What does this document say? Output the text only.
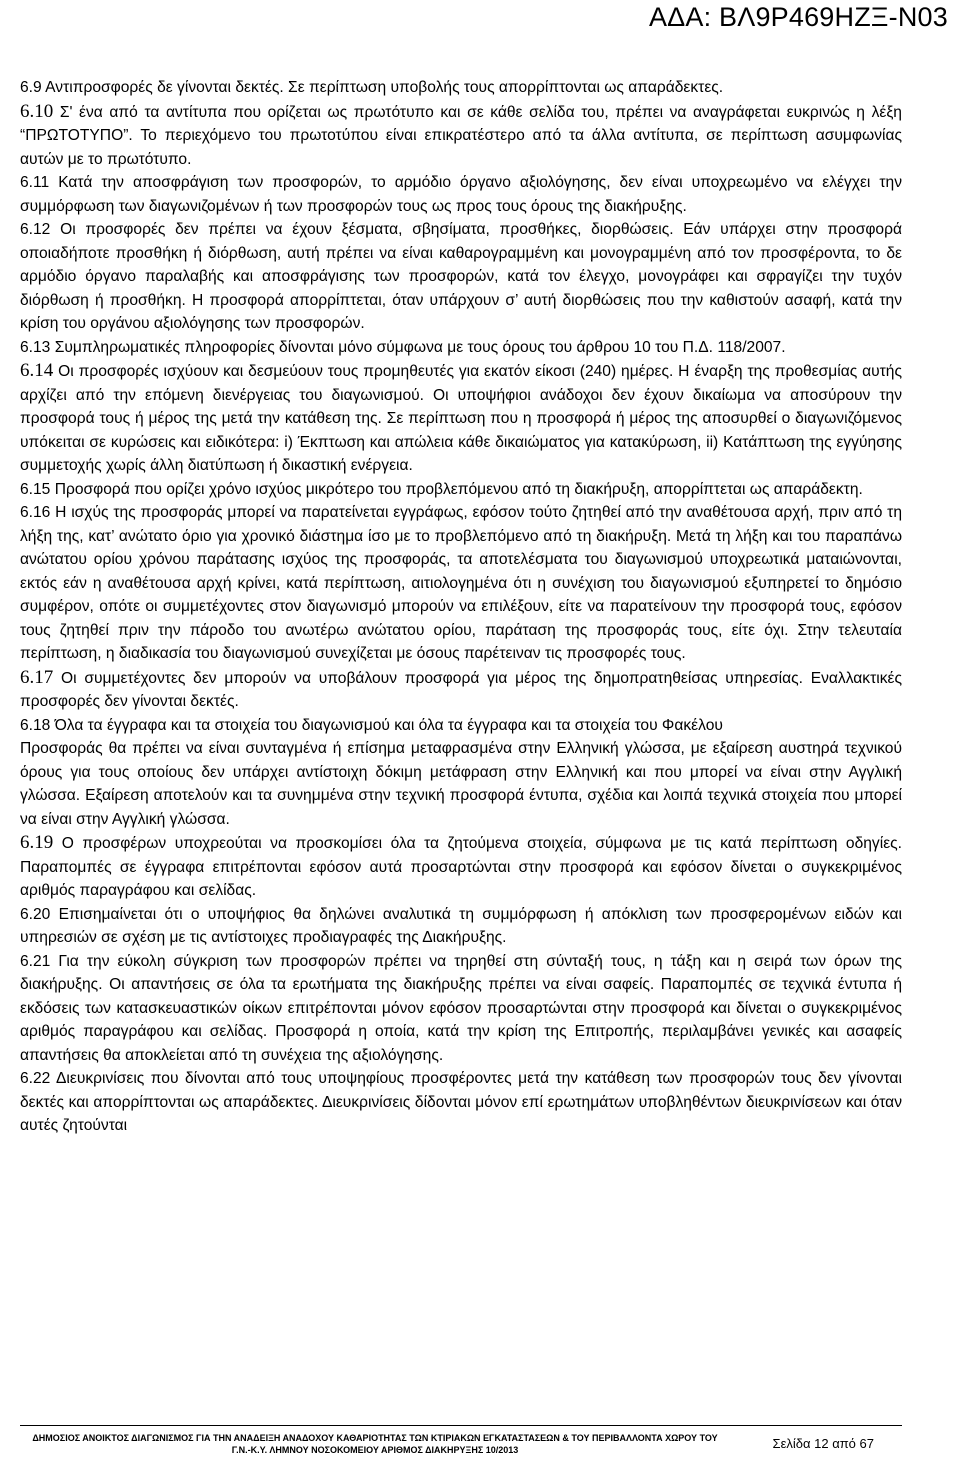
ΑΔΑ: ΒΛ9Ρ469ΗΖΞ-Ν03

6.9 Αντιπροσφορές δε γίνονται δεκτές. Σε περίπτωση υποβολής τους απορρίπτονται ως απαράδεκτες.

6.10 Σ' ένα από τα αντίτυπα που ορίζεται ως πρωτότυπο και σε κάθε σελίδα του, πρέπει να αναγράφεται ευκρινώς η λέξη “ΠΡΩΤΟΤΥΠΟ”. Το περιεχόμενο του πρωτοτύπου είναι επικρατέστερο από τα άλλα αντίτυπα, σε περίπτωση ασυμφωνίας αυτών με το πρωτότυπο.

6.11 Κατά την αποσφράγιση των προσφορών, το αρμόδιο όργανο αξιολόγησης, δεν είναι υποχρεωμένο να ελέγχει την συμμόρφωση των διαγωνιζομένων ή των προσφορών τους ως προς τους όρους της διακήρυξης.

6.12 Οι προσφορές δεν πρέπει να έχουν ξέσματα, σβησίματα, προσθήκες, διορθώσεις. Εάν υπάρχει στην προσφορά οποιαδήποτε προσθήκη ή διόρθωση, αυτή πρέπει να είναι καθαρογραμμένη και μονογραμμένη από τον προσφέροντα, το δε αρμόδιο όργανο παραλαβής και αποσφράγισης των προσφορών, κατά τον έλεγχο, μονογράφει και σφραγίζει την τυχόν διόρθωση ή προσθήκη. Η προσφορά απορρίπτεται, όταν υπάρχουν σ’ αυτή διορθώσεις που την καθιστούν ασαφή, κατά την κρίση του οργάνου αξιολόγησης των προσφορών.

6.13 Συμπληρωματικές πληροφορίες δίνονται μόνο σύμφωνα με τους όρους του άρθρου 10 του Π.Δ. 118/2007.

6.14 Οι προσφορές ισχύουν και δεσμεύουν τους προμηθευτές για εκατόν είκοσι (240) ημέρες. Η έναρξη της προθεσμίας αυτής αρχίζει από την επόμενη διενέργειας του διαγωνισμού. Οι υποψήφιοι ανάδοχοι δεν έχουν δικαίωμα να αποσύρουν την προσφορά τους ή μέρος της μετά την κατάθεση της. Σε περίπτωση που η προσφορά ή μέρος της αποσυρθεί ο διαγωνιζόμενος υπόκειται σε κυρώσεις και ειδικότερα: i) Έκπτωση και απώλεια κάθε δικαιώματος για κατακύρωση, ii) Κατάπτωση της εγγύησης συμμετοχής χωρίς άλλη διατύπωση ή δικαστική ενέργεια.

6.15 Προσφορά που ορίζει χρόνο ισχύος μικρότερο του προβλεπόμενου από τη διακήρυξη, απορρίπτεται ως απαράδεκτη.

6.16 Η ισχύς της προσφοράς μπορεί να παρατείνεται εγγράφως, εφόσον τούτο ζητηθεί από την αναθέτουσα αρχή, πριν από τη λήξη της, κατ’ ανώτατο όριο για χρονικό διάστημα ίσο με το προβλεπόμενο από τη διακήρυξη. Μετά τη λήξη και του παραπάνω ανώτατου ορίου χρόνου παράτασης ισχύος της προσφοράς, τα αποτελέσματα του διαγωνισμού υποχρεωτικά ματαιώνονται, εκτός εάν η αναθέτουσα αρχή κρίνει, κατά περίπτωση, αιτιολογημένα ότι η συνέχιση του διαγωνισμού εξυπηρετεί το δημόσιο συμφέρον, οπότε οι συμμετέχοντες στον διαγωνισμό μπορούν να επιλέξουν, είτε να παρατείνουν την προσφορά τους, εφόσον τους ζητηθεί πριν την πάροδο του ανωτέρω ανώτατου ορίου, παράταση της προσφοράς τους, είτε όχι. Στην τελευταία περίπτωση, η διαδικασία του διαγωνισμού συνεχίζεται με όσους παρέτειναν τις προσφορές τους.

6.17 Οι συμμετέχοντες δεν μπορούν να υποβάλουν προσφορά για μέρος της δημοπρατηθείσας υπηρεσίας. Εναλλακτικές προσφορές δεν γίνονται δεκτές.

6.18 Όλα τα έγγραφα και τα στοιχεία του διαγωνισμού και όλα τα έγγραφα και τα στοιχεία του Φακέλου

Προσφοράς θα πρέπει να είναι συνταγμένα ή επίσημα μεταφρασμένα στην Ελληνική γλώσσα, με εξαίρεση αυστηρά τεχνικού όρους για τους οποίους δεν υπάρχει αντίστοιχη δόκιμη μετάφραση στην Ελληνική και που μπορεί να είναι στην Αγγλική γλώσσα. Εξαίρεση αποτελούν και τα συνημμένα στην τεχνική προσφορά έντυπα, σχέδια και λοιπά τεχνικά στοιχεία που μπορεί να είναι στην Αγγλική γλώσσα.

6.19 Ο προσφέρων υποχρεούται να προσκομίσει όλα τα ζητούμενα στοιχεία, σύμφωνα με τις κατά περίπτωση οδηγίες. Παραπομπές σε έγγραφα επιτρέπονται εφόσον αυτά προσαρτώνται στην προσφορά και εφόσον δίνεται ο συγκεκριμένος αριθμός παραγράφου και σελίδας.

6.20 Επισημαίνεται ότι ο υποψήφιος θα δηλώνει αναλυτικά τη συμμόρφωση ή απόκλιση των προσφερομένων ειδών και υπηρεσιών σε σχέση με τις αντίστοιχες προδιαγραφές της Διακήρυξης.

6.21 Για την εύκολη σύγκριση των προσφορών πρέπει να τηρηθεί στη σύνταξή τους, η τάξη και η σειρά των όρων της διακήρυξης. Οι απαντήσεις σε όλα τα ερωτήματα της διακήρυξης πρέπει να είναι σαφείς. Παραπομπές σε τεχνικά έντυπα ή εκδόσεις των κατασκευαστικών οίκων επιτρέπονται μόνον εφόσον προσαρτώνται στην προσφορά και δίνεται ο συγκεκριμένος αριθμός παραγράφου και σελίδας. Προσφορά η οποία, κατά την κρίση της Επιτροπής, περιλαμβάνει γενικές και ασαφείς απαντήσεις θα αποκλείεται από τη συνέχεια της αξιολόγησης.

6.22 Διευκρινίσεις που δίνονται από τους υποψηφίους προσφέροντες μετά την κατάθεση των προσφορών τους δεν γίνονται δεκτές και απορρίπτονται ως απαράδεκτες. Διευκρινίσεις δίδονται μόνον επί ερωτημάτων υποβληθέντων διευκρινίσεων και όταν αυτές ζητούνται

ΔΗΜΟΣΙΟΣ ΑΝΟΙΚΤΟΣ ΔΙΑΓΩΝΙΣΜΟΣ ΓΙΑ ΤΗΝ ΑΝΑΔΕΙΞΗ ΑΝΑΔΟΧΟΥ ΚΑΘΑΡΙΟΤΗΤΑΣ ΤΩΝ ΚΤΙΡΙΑΚΩΝ ΕΓΚΑΤΑΣΤΑΣΕΩΝ & ΤΟΥ ΠΕΡΙΒΑΛΛΟΝΤΑ ΧΩΡΟΥ ΤΟΥ
Γ.Ν.-Κ.Υ. ΛΗΜΝΟΥ ΝΟΣΟΚΟΜΕΙΟΥ ΑΡΙΘΜΟΣ ΔΙΑΚΗΡΥΞΗΣ 10/2013	Σελίδα 12 από 67
